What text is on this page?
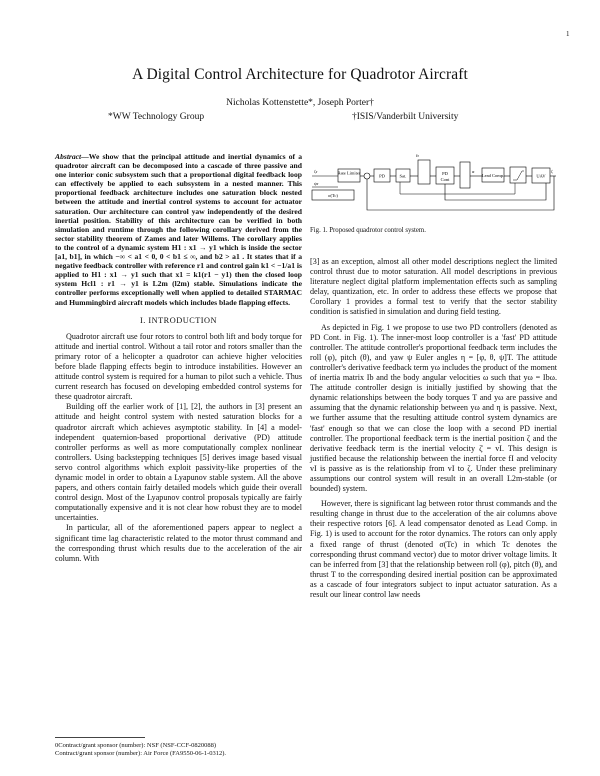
1
A Digital Control Architecture for Quadrotor Aircraft
Nicholas Kottenstette*, Joseph Porter†
*WW Technology Group	†ISIS/Vanderbilt University
Abstract—We show that the principal attitude and inertial dynamics of a quadrotor aircraft can be decomposed into a cascade of three passive and one interior conic subsystem such that a proportional digital feedback loop can effectively be applied to each subsystem in a nested manner. This proportional feedback architecture includes one saturation block nested between the attitude and inertial control systems to account for actuator saturation. Our architecture can control yaw independently of the desired inertial position. Stability of this architecture can be verified in both simulation and runtime through the following corollary derived from the sector stability theorem of Zames and later Willems. The corollary applies to the control of a dynamic system H1 : x1 → y1 which is inside the sector [a1, b1], in which −∞ < a1 < 0, 0 < b1 ≤ ∞, and b2 > a1 . It states that if a negative feedback controller with reference r1 and control gain k1 < −1/a1 is applied to H1 : x1 → y1 such that x1 = k1(r1 − y1) then the closed loop system Hcl1 : r1 → y1 is L2m (l2m) stable. Simulations indicate the controller performs exceptionally well when applied to detailed STARMAC and Hummingbird aircraft models which includes blade flapping effects.
I. INTRODUCTION

Quadrotor aircraft use four rotors to control both lift and body torque for attitude and inertial control. Without a tail rotor and rotors smaller than the primary rotor of a helicopter a quadrotor can achieve higher velocities before blade flapping effects begin to introduce instabilities. However an attitude control system is required for a human to pilot such a vehicle. Thus current research has focused on developing embedded control systems for these quadrotor aircraft.

Building off the earlier work of [1], [2], the authors in [3] present an attitude and height control system with nested saturation blocks for a quadrotor aircraft which achieves asymptotic stability. In [4] a model-independent quaternion-based proportional derivative (PD) attitude controller performs as well as more computationally complex nonlinear controllers. Using backstepping techniques [5] derives image based visual servo control algorithms which exploit passivity-like properties of the dynamic model in order to obtain a Lyapunov stable system. All the above papers, and others contain fairly detailed models which guide their overall control design. Most of the Lyapunov control proposals typically are fairly computationally expensive and it is not clear how robust they are to model uncertainties.

In particular, all of the aforementioned papers appear to neglect a significant time lag characteristic related to the motor thrust command and the corresponding thrust which results due to the acceleration of the air column. With

0Contract/grant sponsor (number): NSF (NSF-CCF-0820088)
Contract/grant sponsor (number): Air Force (FA9550-06-1-0312).
Rate Limiter
PD	Sat.	PD
Cont
Lead Comp.	UAV
σ(Tc)
ζr
ψr
fr
ζ
α
Fig. 1. Proposed quadrotor control system.

[3] as an exception, almost all other model descriptions neglect the limited control thrust due to motor saturation. All model descriptions in previous literature neglect digital platform implementation effects such as sampling delay, quantization, etc. In order to address these effects we propose that Corollary 1 provides a formal test to verify that the sector stability condition is satisfied in simulation and during field testing.

As depicted in Fig. 1 we propose to use two PD controllers (denoted as PD Cont. in Fig. 1). The inner-most loop controller is a 'fast' PD attitude controller. The attitude controller's proportional feedback term includes the roll (φ), pitch (θ), and yaw ψ Euler angles η = [φ, θ, ψ]T. The attitude controller's derivative feedback term yω includes the product of the moment of inertia matrix Ib and the body angular velocities ω such that yω = Ibω. The attitude controller design is initially justified by showing that the dynamic relationships between the body torques T and yω are passive and assuming that the dynamic relationship between yω and η is passive. Next, we further assume that the resulting attitude control system dynamics are 'fast' enough so that we can close the loop with a second PD inertial controller. The proportional feedback term is the inertial position ζ and the derivative feedback term is the inertial velocity ζ̇ = vI. This design is justified because the relationship between the inertial force fI and velocity vI is passive as is the relationship from vI to ζ. Under these preliminary assumptions our control system will result in an overall L2m-stable (or bounded) system.

However, there is significant lag between rotor thrust commands and the resulting change in thrust due to the acceleration of the air columns above their respective rotors [6]. A lead compensator denoted as Lead Comp. in Fig. 1) is used to account for the rotor dynamics. The rotors can only apply a fixed range of thrust (denoted σ(Tc) in which Tc denotes the corresponding thrust command vector) due to motor driver voltage limits. It can be inferred from [3] that the relationship between roll (φ), pitch (θ), and thrust T to the corresponding desired inertial position can be approximated as a cascade of four integrators subject to input actuator saturation. As a result our linear control law needs
